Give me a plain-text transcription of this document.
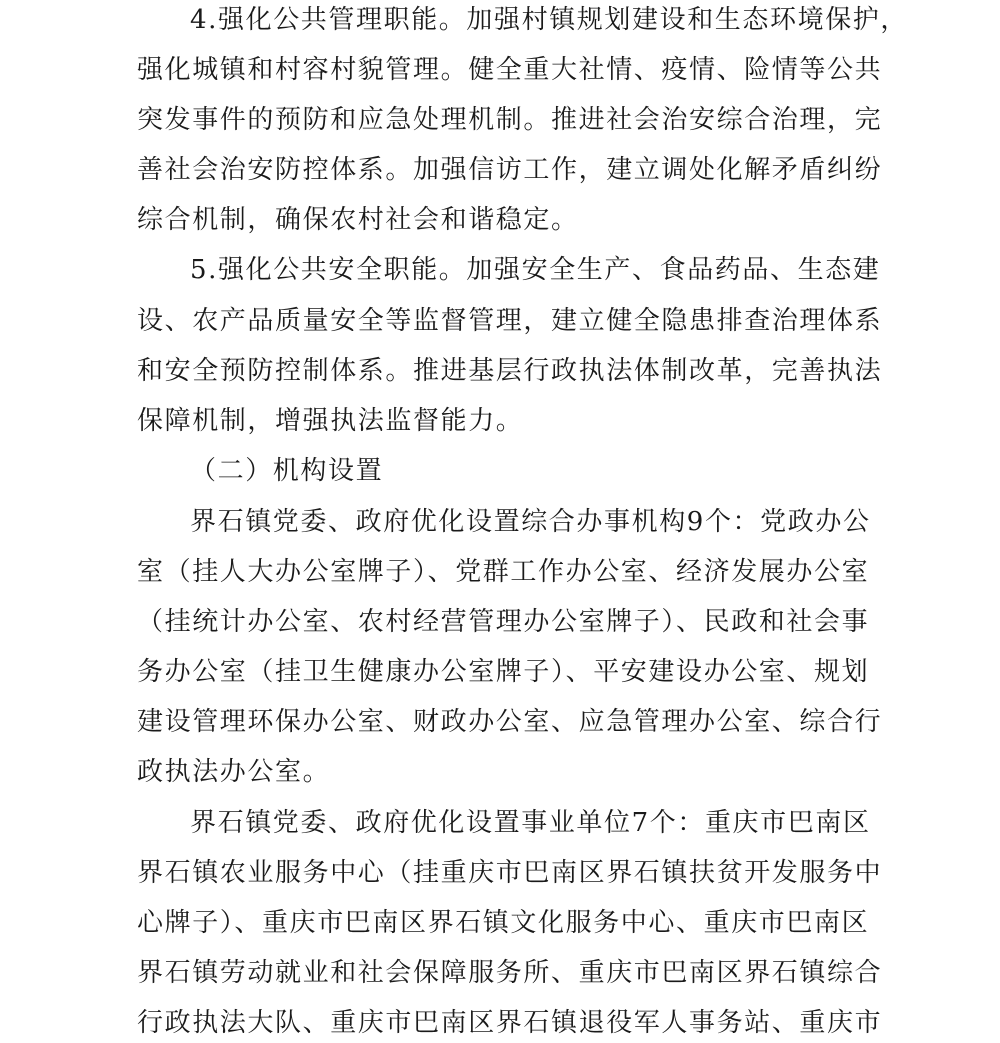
4.强化公共管理职能。加强村镇规划建设和生态环境保护，
强化城镇和村容村貌管理。健全重大社情、疫情、险情等公共
突发事件的预防和应急处理机制。推进社会治安综合治理，完
善社会治安防控体系。加强信访工作，建立调处化解矛盾纠纷
综合机制，确保农村社会和谐稳定。
5.强化公共安全职能。加强安全生产、食品药品、生态建
设、农产品质量安全等监督管理，建立健全隐患排查治理体系
和安全预防控制体系。推进基层行政执法体制改革，完善执法
保障机制，增强执法监督能力。
（二）机构设置
界石镇党委、政府优化设置综合办事机构9个：党政办公
室（挂人大办公室牌子）、党群工作办公室、经济发展办公室
（挂统计办公室、农村经营管理办公室牌子）、民政和社会事
务办公室（挂卫生健康办公室牌子）、平安建设办公室、规划
建设管理环保办公室、财政办公室、应急管理办公室、综合行
政执法办公室。
界石镇党委、政府优化设置事业单位7个：重庆市巴南区
界石镇农业服务中心（挂重庆市巴南区界石镇扶贫开发服务中
心牌子）、重庆市巴南区界石镇文化服务中心、重庆市巴南区
界石镇劳动就业和社会保障服务所、重庆市巴南区界石镇综合
行政执法大队、重庆市巴南区界石镇退役军人事务站、重庆市
